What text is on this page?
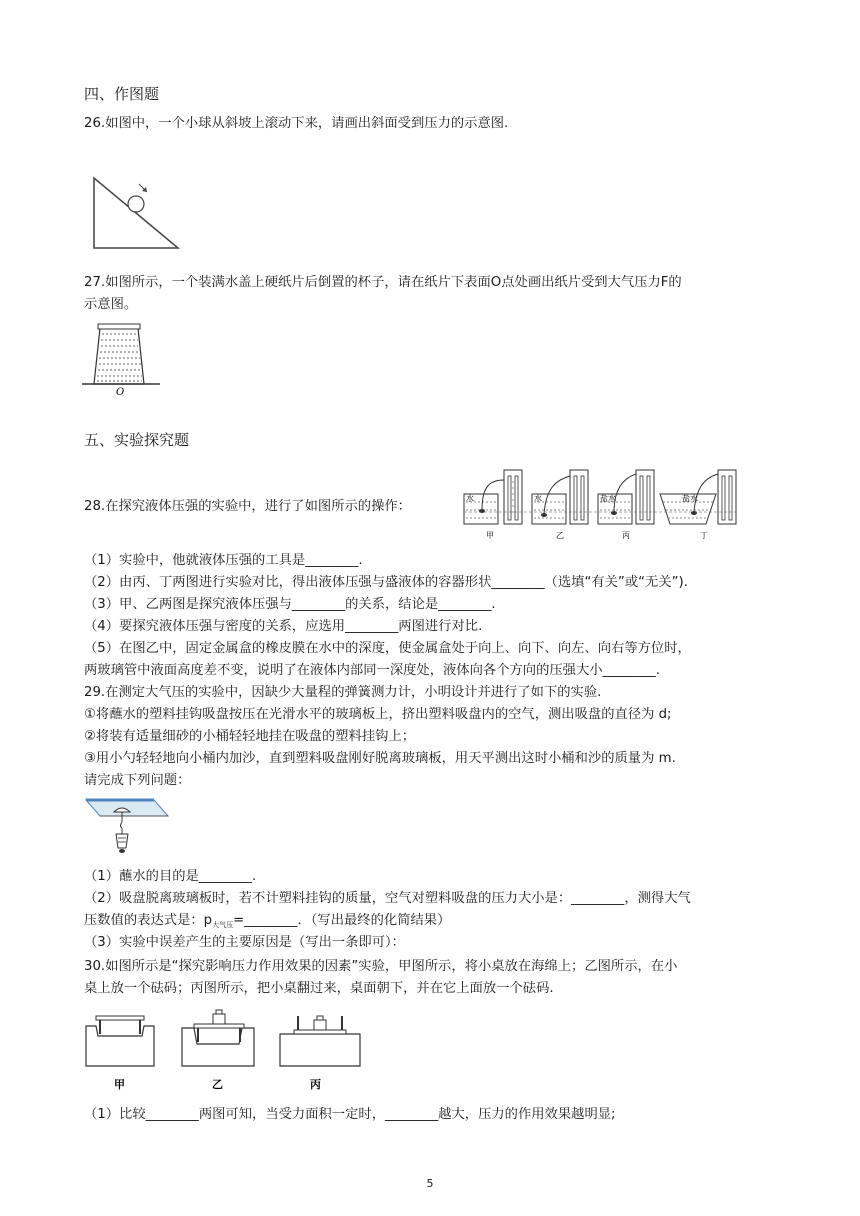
四、作图题
26.如图中，一个小球从斜坡上滚动下来，请画出斜面受到压力的示意图.
27.如图所示，一个装满水盖上硬纸片后倒置的杯子，请在纸片下表面O点处画出纸片受到大气压力F的
示意图。
O
五、实验探究题
28.在探究液体压强的实验中，进行了如图所示的操作：
水	水	盐水	盐水
甲	乙	丙	丁
（1）实验中，他就液体压强的工具是________.
（2）由丙、丁两图进行实验对比，得出液体压强与盛液体的容器形状________（选填“有关”或“无关”).
（3）甲、乙两图是探究液体压强与________的关系，结论是________.
（4）要探究液体压强与密度的关系，应选用________两图进行对比.
（5）在图乙中，固定金属盒的橡皮膜在水中的深度，使金属盒处于向上、向下、向左、向右等方位时，
两玻璃管中液面高度差不变，说明了在液体内部同一深度处，液体向各个方向的压强大小________.
29.在测定大气压的实验中，因缺少大量程的弹簧测力计，小明设计并进行了如下的实验.
①将蘸水的塑料挂钩吸盘按压在光滑水平的玻璃板上，挤出塑料吸盘内的空气，测出吸盘的直径为 d;
②将装有适量细砂的小桶轻轻地挂在吸盘的塑料挂钩上；
③用小勺轻轻地向小桶内加沙，直到塑料吸盘刚好脱离玻璃板，用天平测出这时小桶和沙的质量为 m.
请完成下列问题：
（1）蘸水的目的是________.
（2）吸盘脱离玻璃板时，若不计塑料挂钩的质量，空气对塑料吸盘的压力大小是：________，测得大气
压数值的表达式是：$p_{大气压}=\_\_\_\_\_\_\_\_$．（写出最终的化简结果）
（3）实验中误差产生的主要原因是（写出一条即可）：
30.如图所示是“探究影响压力作用效果的因素”实验，甲图所示，将小桌放在海绵上；乙图所示，在小
桌上放一个砝码；丙图所示，把小桌翻过来，桌面朝下，并在它上面放一个砝码.
甲	乙	丙
（1）比较________两图可知，当受力面积一定时，________越大，压力的作用效果越明显;
5
